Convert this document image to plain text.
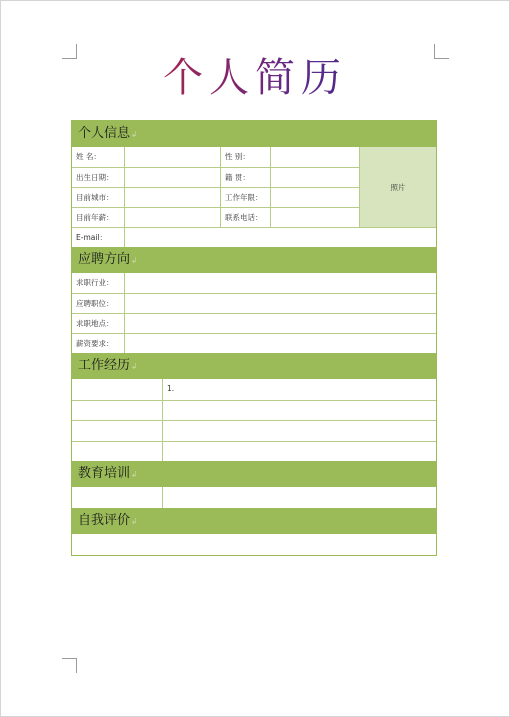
个人简历
个人信息↲
姓 名：	性 别：
出生日期：	籍 贯：
目前城市：	工作年限：
目前年薪：	联系电话：
照片
E-mail：
应聘方向↲
求职行业：
应聘职位：
求职地点：
薪资要求：
工作经历↲
1.
教育培训↲
自我评价↲
